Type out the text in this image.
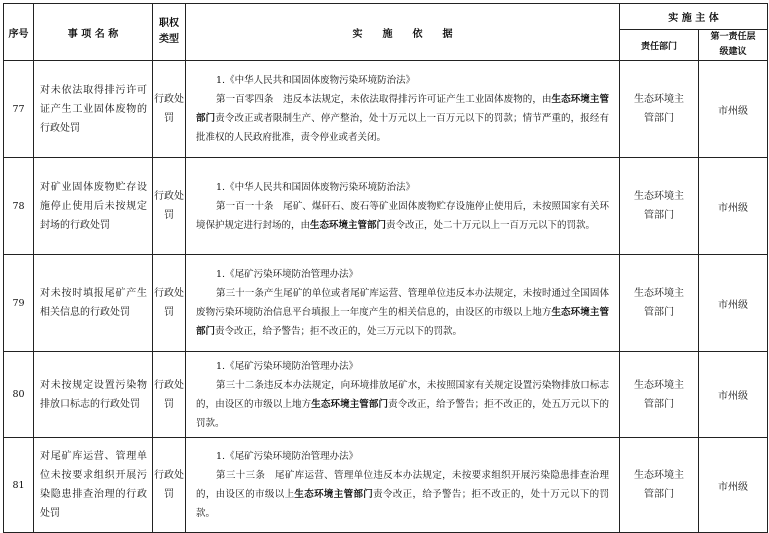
序号	事 项 名 称	职权类型	实　　施　　依　　据	实 施 主 体	
				责任部门	第一责任层级建议
77	对未依法取得排污许可证产生工业固体废物的行政处罚	行政处罚	1.《中华人民共和国固体废物污染环境防治法》
第一百零四条　违反本法规定，未依法取得排污许可证产生工业固体废物的，由生态环境主管部门责令改正或者限制生产、停产整治，处十万元以上一百万元以下的罚款；情节严重的，报经有批准权的人民政府批准，责令停业或者关闭。	生态环境主管部门	市州级
78	对矿业固体废物贮存设施停止使用后未按规定封场的行政处罚	行政处罚	1.《中华人民共和国固体废物污染环境防治法》
第一百一十条　尾矿、煤矸石、废石等矿业固体废物贮存设施停止使用后，未按照国家有关环境保护规定进行封场的，由生态环境主管部门责令改正，处二十万元以上一百万元以下的罚款。	生态环境主管部门	市州级
79	对未按时填报尾矿产生相关信息的行政处罚	行政处罚	1.《尾矿污染环境防治管理办法》
第三十一条产生尾矿的单位或者尾矿库运营、管理单位违反本办法规定，未按时通过全国固体废物污染环境防治信息平台填报上一年度产生的相关信息的，由设区的市级以上地方生态环境主管部门责令改正，给予警告；拒不改正的，处三万元以下的罚款。	生态环境主管部门	市州级
80	对未按规定设置污染物排放口标志的行政处罚	行政处罚	1.《尾矿污染环境防治管理办法》
第三十二条违反本办法规定，向环境排放尾矿水，未按照国家有关规定设置污染物排放口标志的，由设区的市级以上地方生态环境主管部门责令改正，给予警告；拒不改正的，处五万元以下的罚款。	生态环境主管部门	市州级
81	对尾矿库运营、管理单位未按要求组织开展污染隐患排查治理的行政处罚	行政处罚	1.《尾矿污染环境防治管理办法》
第三十三条　尾矿库运营、管理单位违反本办法规定，未按要求组织开展污染隐患排查治理的，由设区的市级以上生态环境主管部门责令改正，给予警告；拒不改正的，处十万元以下的罚款。	生态环境主管部门	市州级
